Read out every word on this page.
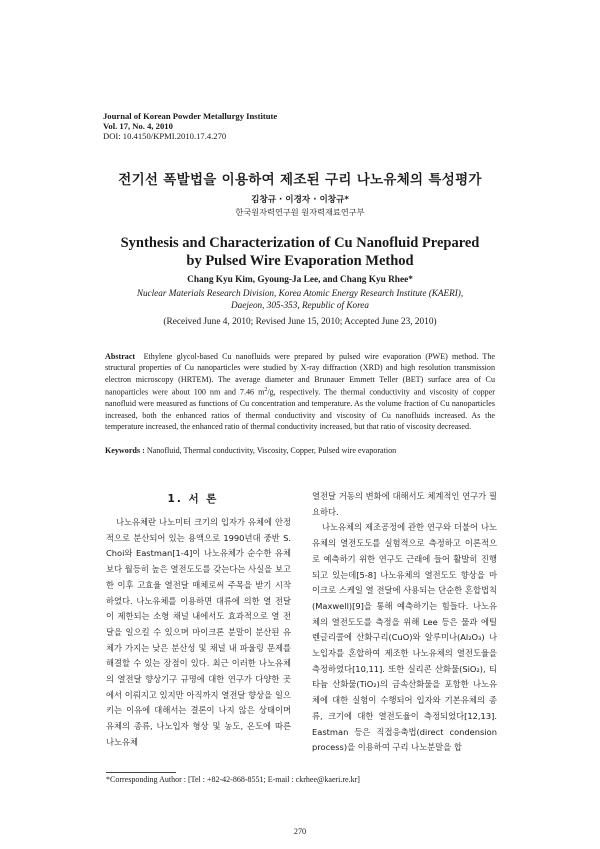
Journal of Korean Powder Metallurgy Institute
Vol. 17, No. 4, 2010
DOI: 10.4150/KPMI.2010.17.4.270
전기선 폭발법을 이용하여 제조된 구리 나노유체의 특성평가
김창규 · 이경자 · 이창규*
한국원자력연구원 원자력재료연구부
Synthesis and Characterization of Cu Nanofluid Prepared
by Pulsed Wire Evaporation Method
Chang Kyu Kim, Gyoung-Ja Lee, and Chang Kyu Rhee*
Nuclear Materials Research Division, Korea Atomic Energy Research Institute (KAERI),
Daejeon, 305-353, Republic of Korea
(Received June 4, 2010; Revised June 15, 2010; Accepted June 23, 2010)
Abstract Ethylene glycol-based Cu nanofluids were prepared by pulsed wire evaporation (PWE) method. The structural properties of Cu nanoparticles were studied by X-ray diffraction (XRD) and high resolution transmission electron microscopy (HRTEM). The average diameter and Brunauer Emmett Teller (BET) surface area of Cu nanoparticles were about 100 nm and 7.46 $m^2/g$, respectively. The thermal conductivity and viscosity of copper nanofluid were measured as functions of Cu concentration and temperature. As the volume fraction of Cu nanoparticles increased, both the enhanced ratios of thermal conductivity and viscosity of Cu nanofluids increased. As the temperature increased, the enhanced ratio of thermal conductivity increased, but that ratio of viscosity decreased.
Keywords : Nanofluid, Thermal conductivity, Viscosity, Copper, Pulsed wire evaporation
1. 서 론

나노유체란 나노미터 크기의 입자가 유체에 안정적으로 분산되어 있는 용액으로 1990년대 중반 S. Choi와 Eastman[1-4]이 나노유체가 순수한 유체보다 월등히 높은 열전도도를 갖는다는 사실을 보고한 이후 고효율 열전달 매체로써 주목을 받기 시작하였다. 나노유체를 이용하면 대류에 의한 열 전달이 제한되는 소형 채널 내에서도 효과적으로 열 전달을 일으킬 수 있으며 마이크론 분말이 분산된 유체가 가지는 낮은 분산성 및 채널 내 파울링 문제를 해결할 수 있는 장점이 있다. 최근 이러한 나노유체의 열전달 향상기구 규명에 대한 연구가 다양한 곳에서 이뤄지고 있지만 아직까지 열전달 향상을 일으키는 이유에 대해서는 결론이 나지 않은 상태이며 유체의 종류, 나노입자 형상 및 농도, 온도에 따른 나노유체

열전달 거동의 변화에 대해서도 체계적인 연구가 필요하다.

나노유체의 제조공정에 관한 연구와 더불어 나노유체의 열전도도를 실험적으로 측정하고 이론적으로 예측하기 위한 연구도 근래에 들어 활발히 진행되고 있는데[5-8] 나노유체의 열전도도 향상을 마이크로 스케일 열 전달에 사용되는 단순한 혼합법칙(Maxwell)[9]을 통해 예측하기는 힘들다. 나노유체의 열전도도를 측정을 위해 Lee 등은 물과 에틸렌글리콜에 산화구리(CuO)와 알루미나(Al₂O₃) 나노입자를 혼합하여 제조한 나노유체의 열전도율을 측정하였다[10,11]. 또한 실리콘 산화물(SiO₂), 티타늄 산화물(TiO₂)의 금속산화물을 포함한 나노유체에 대한 실험이 수행되어 입자와 기본유체의 종류, 크기에 대한 열전도율이 측정되었다[12,13]. Eastman 등은 직접응축법(direct condension process)을 이용하여 구리 나노분말을 합

*Corresponding Author : [Tel : +82-42-868-8551; E-mail : ckrhee@kaeri.re.kr]
270
